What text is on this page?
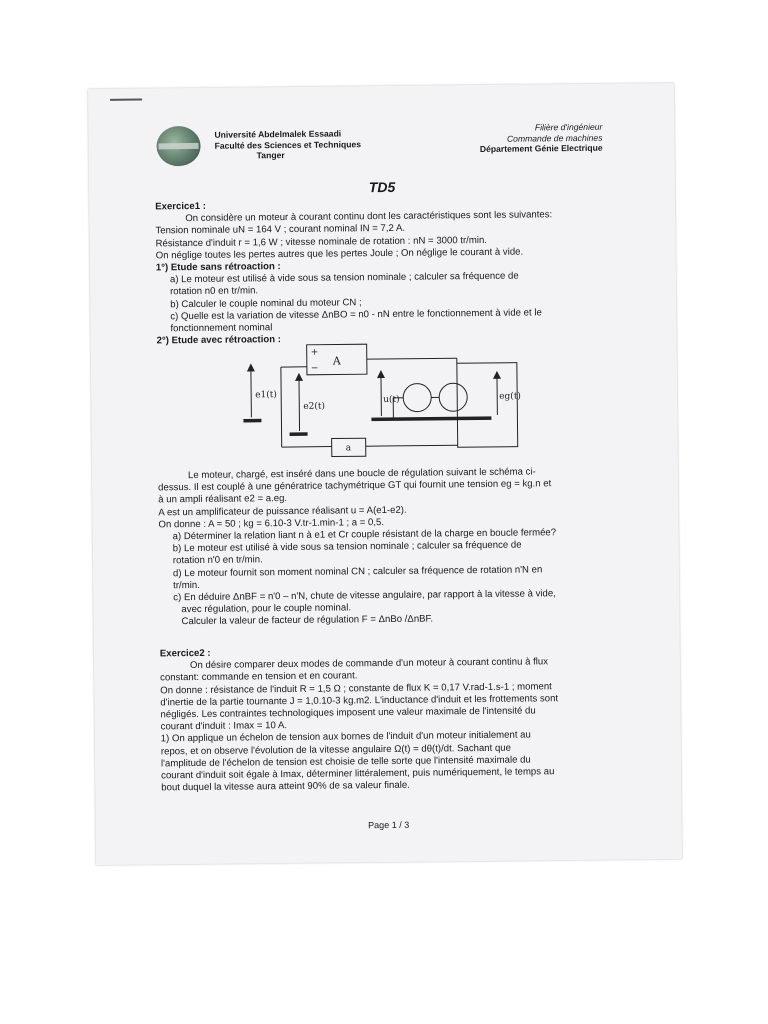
Université Abdelmalek Essaadi
Faculté des Sciences et Techniques
Tanger
Filière d'ingénieur
Commande de machines
Département Génie Electrique
TD5
Exercice1 :
On considère un moteur à courant continu dont les caractéristiques sont les suivantes:
Tension nominale uN = 164 V ; courant nominal IN = 7,2 A.
Résistance d'induit r = 1,6 W ; vitesse nominale de rotation : nN = 3000 tr/min.
On néglige toutes les pertes autres que les pertes Joule ; On néglige le courant à vide.
1°) Etude sans rétroaction :
a) Le moteur est utilisé à vide sous sa tension nominale ; calculer sa fréquence de
rotation n0 en tr/min.
b) Calculer le couple nominal du moteur CN ;
c) Quelle est la variation de vitesse ΔnBO = n0 - nN entre le fonctionnement à vide et le
fonctionnement nominal
2°) Etude avec rétroaction :
+
−
A
e1(t)
e2(t)
u(t)	eg(t)
a
Le moteur, chargé, est inséré dans une boucle de régulation suivant le schéma ci-
dessus. Il est couplé à une génératrice tachymétrique GT qui fournit une tension eg = kg.n et
à un ampli réalisant e2 = a.eg.
A est un amplificateur de puissance réalisant u = A(e1-e2).
On donne : A = 50 ; kg = 6.10-3 V.tr-1.min-1 ; a = 0,5.
a) Déterminer la relation liant n à e1 et Cr couple résistant de la charge en boucle fermée?
b) Le moteur est utilisé à vide sous sa tension nominale ; calculer sa fréquence de
rotation n'0 en tr/min.
d) Le moteur fournit son moment nominal CN ; calculer sa fréquence de rotation n'N en
tr/min.
c) En déduire ΔnBF = n'0 – n'N, chute de vitesse angulaire, par rapport à la vitesse à vide,
avec régulation, pour le couple nominal.
Calculer la valeur de facteur de régulation F = ΔnBo /ΔnBF.
Exercice2 :
On désire comparer deux modes de commande d'un moteur à courant continu à flux
constant: commande en tension et en courant.
On donne : résistance de l'induit R = 1,5 Ω ; constante de flux K = 0,17 V.rad-1.s-1 ; moment
d'inertie de la partie tournante J = 1,0.10-3 kg.m2. L'inductance d'induit et les frottements sont
négligés. Les contraintes technologiques imposent une valeur maximale de l'intensité du
courant d'induit : Imax = 10 A.
1) On applique un échelon de tension aux bornes de l'induit d'un moteur initialement au
repos, et on observe l'évolution de la vitesse angulaire Ω(t) = dθ(t)/dt. Sachant que
l'amplitude de l'échelon de tension est choisie de telle sorte que l'intensité maximale du
courant d'induit soit égale à Imax, déterminer littéralement, puis numériquement, le temps au
bout duquel la vitesse aura atteint 90% de sa valeur finale.
Page 1 / 3
